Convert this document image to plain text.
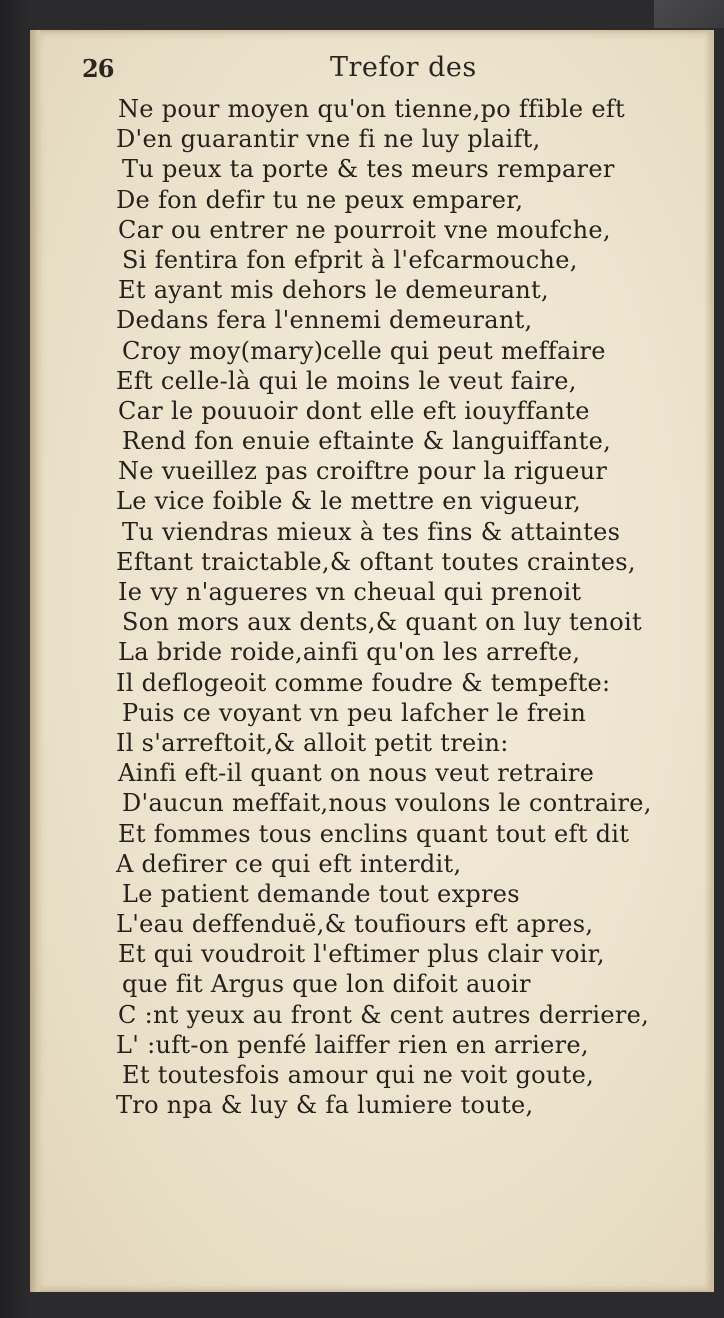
26	Trefor des
Ne pour moyen qu'on tienne,po ffible eft
D'en guarantir vne fi ne luy plaift,
Tu peux ta porte & tes meurs remparer
De fon defir tu ne peux emparer,
Car ou entrer ne pourroit vne moufche,
Si fentira fon efprit à l'efcarmouche,
Et ayant mis dehors le demeurant,
Dedans fera l'ennemi demeurant,
Croy moy(mary)celle qui peut meffaire
Eft celle-là qui le moins le veut faire,
Car le pouuoir dont elle eft iouyffante
Rend fon enuie eftainte & languiffante,
Ne vueillez pas croiftre pour la rigueur
Le vice foible & le mettre en vigueur,
Tu viendras mieux à tes fins & attaintes
Eftant traictable,& oftant toutes craintes,
Ie vy n'agueres vn cheual qui prenoit
Son mors aux dents,& quant on luy tenoit
La bride roide,ainfi qu'on les arrefte,
Il deflogeoit comme foudre & tempefte:
Puis ce voyant vn peu lafcher le frein
Il s'arreftoit,& alloit petit trein:
Ainfi eft-il quant on nous veut retraire
D'aucun meffait,nous voulons le contraire,
Et fommes tous enclins quant tout eft dit
A defirer ce qui eft interdit,
Le patient demande tout expres
L'eau deffenduë,& toufiours eft apres,
Et qui voudroit l'eftimer plus clair voir,
que fit Argus que lon difoit auoir
C :nt yeux au front & cent autres derriere,
L' :uft-on penfé laiffer rien en arriere,
Et toutesfois amour qui ne voit goute,
Tro npa & luy & fa lumiere toute,
